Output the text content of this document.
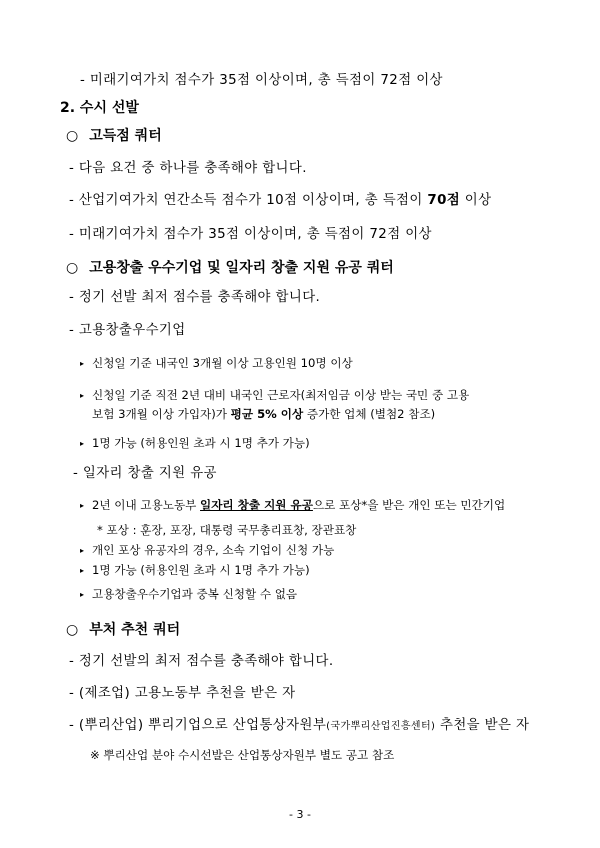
- 미래기여가치 점수가 35점 이상이며, 총 득점이 72점 이상
2. 수시 선발
○ 고득점 쿼터
- 다음 요건 중 하나를 충족해야 합니다.
- 산업기여가치 연간소득 점수가 10점 이상이며, 총 득점이 70점 이상
- 미래기여가치 점수가 35점 이상이며, 총 득점이 72점 이상
○ 고용창출 우수기업 및 일자리 창출 지원 유공 쿼터
- 정기 선발 최저 점수를 충족해야 합니다.
- 고용창출우수기업
▸ 신청일 기준 내국인 3개월 이상 고용인원 10명 이상
▸ 신청일 기준 직전 2년 대비 내국인 근로자(최저임금 이상 받는 국민 중 고용
보험 3개월 이상 가입자)가 평균 5% 이상 증가한 업체 (별첨2 참조)
▸ 1명 가능 (허용인원 초과 시 1명 추가 가능)
- 일자리 창출 지원 유공
▸ 2년 이내 고용노동부 일자리 창출 지원 유공으로 포상*을 받은 개인 또는 민간기업
* 포상 : 훈장, 포장, 대통령 국무총리표창, 장관표창
▸ 개인 포상 유공자의 경우, 소속 기업이 신청 가능
▸ 1명 가능 (허용인원 초과 시 1명 추가 가능)
▸ 고용창출우수기업과 중복 신청할 수 없음
○ 부처 추천 쿼터
- 정기 선발의 최저 점수를 충족해야 합니다.
- (제조업) 고용노동부 추천을 받은 자
- (뿌리산업) 뿌리기업으로 산업통상자원부(국가뿌리산업진흥센터) 추천을 받은 자
※ 뿌리산업 분야 수시선발은 산업통상자원부 별도 공고 참조
- 3 -
